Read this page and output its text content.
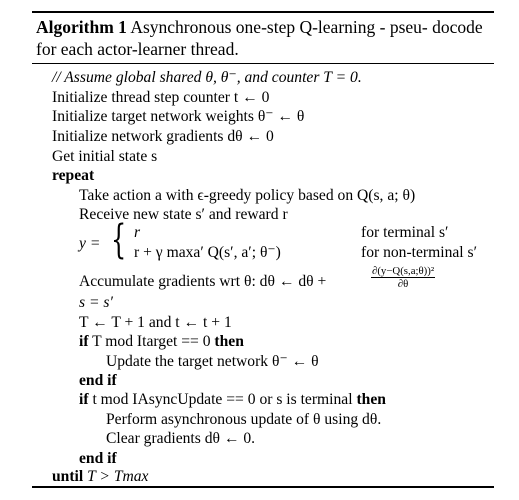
Algorithm 1 Asynchronous one-step Q-learning - pseu- docode for each actor-learner thread.
// Assume global shared θ, θ⁻, and counter T = 0.
Initialize thread step counter t ← 0
Initialize target network weights θ⁻ ← θ
Initialize network gradients dθ ← 0
Get initial state s
repeat
Take action a with ϵ-greedy policy based on Q(s, a; θ)
Receive new state s′ and reward r
y = { r	for terminal s′
r + γ maxa′ Q(s′, a′; θ⁻)	for non-terminal s′
Accumulate gradients wrt θ: dθ ← dθ +	$\frac{\text{∂(y−Q(s,a;θ))²}}{\partial\theta}$
s = s′
T ← T + 1 and t ← t + 1
if T mod Itarget == 0 then
Update the target network θ⁻ ← θ
end if
if t mod IAsyncUpdate == 0 or s is terminal then
Perform asynchronous update of θ using dθ.
Clear gradients dθ ← 0.
end if
until T > Tmax
